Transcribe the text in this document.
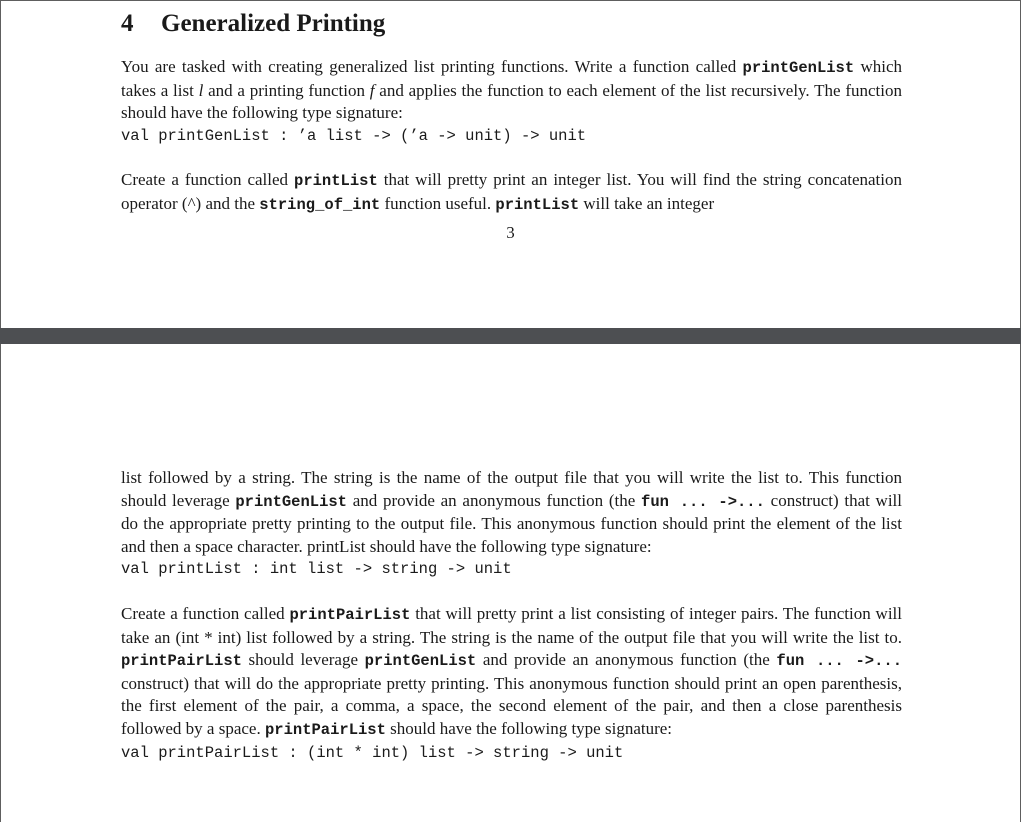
4 Generalized Printing

You are tasked with creating generalized list printing functions. Write a function called printGenList which takes a list l and a printing function f and applies the function to each element of the list recursively. The function should have the following type signature:

val printGenList : ’a list -> (’a -> unit) -> unit

Create a function called printList that will pretty print an integer list. You will find the string concatenation operator (^) and the string_of_int function useful. printList will take an integer

3

list followed by a string. The string is the name of the output file that you will write the list to. This function should leverage printGenList and provide an anonymous function (the fun ... ->... construct) that will do the appropriate pretty printing to the output file. This anonymous function should print the element of the list and then a space character. printList should have the following type signature:

val printList : int list -> string -> unit

Create a function called printPairList that will pretty print a list consisting of integer pairs. The function will take an (int * int) list followed by a string. The string is the name of the output file that you will write the list to. printPairList should leverage printGenList and provide an anonymous function (the fun ... ->... construct) that will do the appropriate pretty printing. This anonymous function should print an open parenthesis, the first element of the pair, a comma, a space, the second element of the pair, and then a close parenthesis followed by a space. printPairList should have the following type signature:

val printPairList : (int * int) list -> string -> unit
